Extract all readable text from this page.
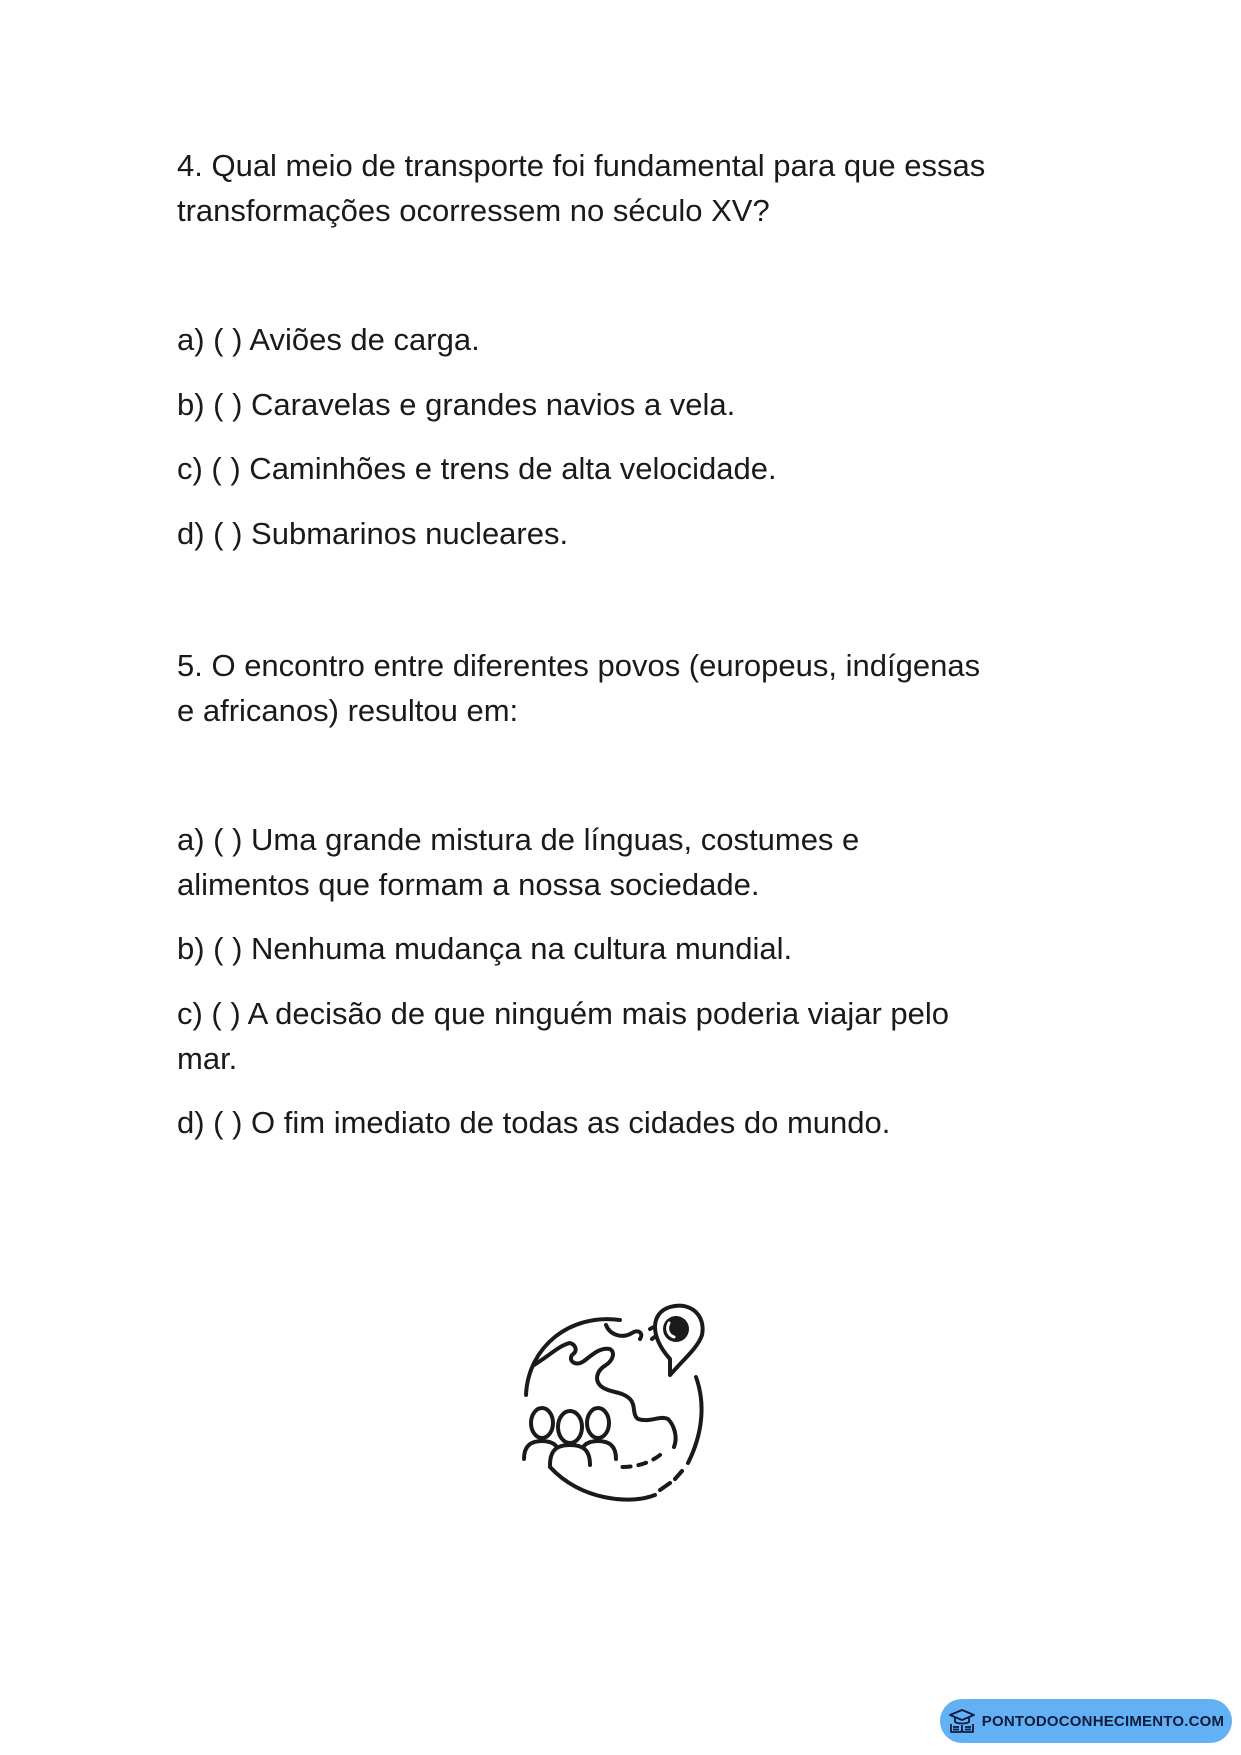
4. Qual meio de transporte foi fundamental para que essas
transformações ocorressem no século XV?

a) ( ) Aviões de carga.

b) ( ) Caravelas e grandes navios a vela.

c) ( ) Caminhões e trens de alta velocidade.

d) ( ) Submarinos nucleares.

5. O encontro entre diferentes povos (europeus, indígenas
e africanos) resultou em:

a) ( ) Uma grande mistura de línguas, costumes e
alimentos que formam a nossa sociedade.

b) ( ) Nenhuma mudança na cultura mundial.

c) ( ) A decisão de que ninguém mais poderia viajar pelo
mar.

d) ( ) O fim imediato de todas as cidades do mundo.

PONTODOCONHECIMENTO.COM
